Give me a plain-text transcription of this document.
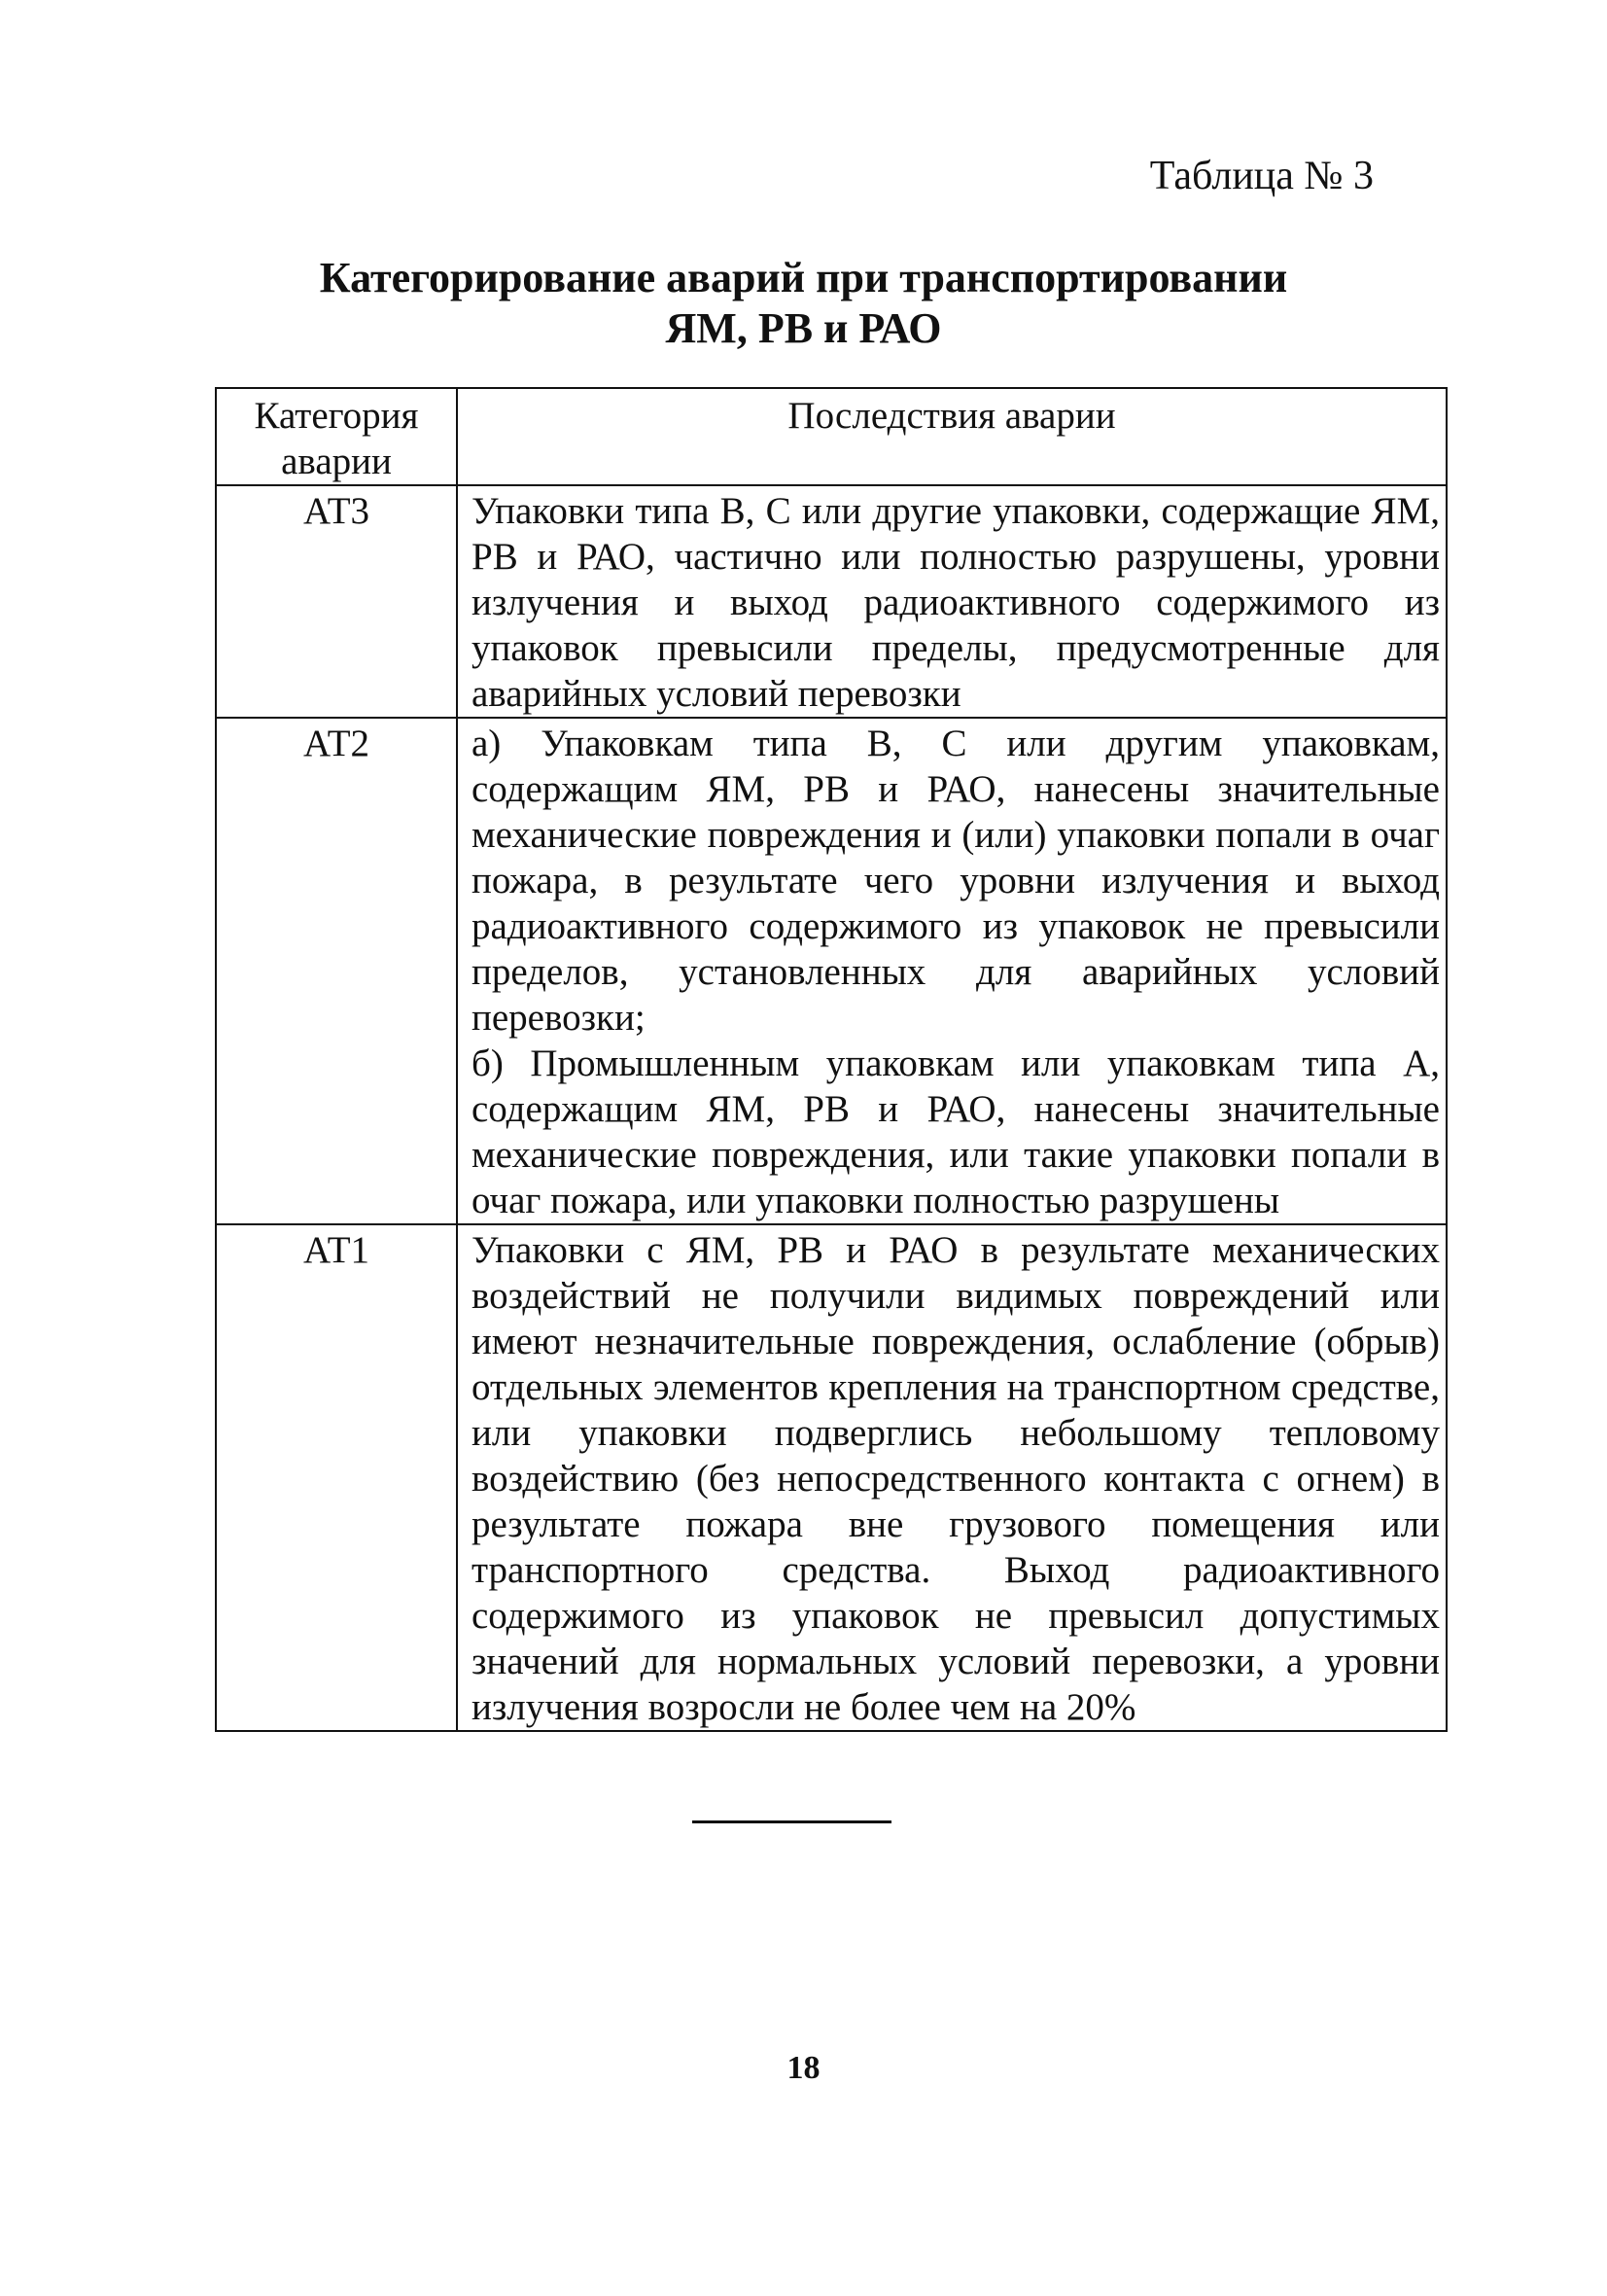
Таблица № 3
Категорирование аварий при транспортировании
ЯМ, РВ и РАО
Категория аварии	Последствия аварии
АТ3	Упаковки типа В, С или другие упаковки, содержащие ЯМ, РВ и РАО, частично или полностью разрушены, уровни излучения и выход радиоактивного содержимого из упаковок превысили пределы, предусмотренные для аварийных условий перевозки

АТ2	а) Упаковкам типа В, С или другим упаковкам, содержащим ЯМ, РВ и РАО, нанесены значительные механические повреждения и (или) упаковки попали в очаг пожара, в результате чего уровни излучения и выход радиоактивного содержимого из упаковок не превысили пределов, установленных для аварийных условий перевозки;

б) Промышленным упаковкам или упаковкам типа А, содержащим ЯМ, РВ и РАО, нанесены значительные механические повреждения, или такие упаковки попали в очаг пожара, или упаковки полностью разрушены

АТ1	Упаковки с ЯМ, РВ и РАО в результате механических воздействий не получили видимых повреждений или имеют незначительные повреждения, ослабление (обрыв) отдельных элементов крепления на транспортном средстве, или упаковки подверглись небольшому тепловому воздействию (без непосредственного контакта с огнем) в результате пожара вне грузового помещения или транспортного средства. Выход радиоактивного содержимого из упаковок не превысил допустимых значений для нормальных условий перевозки, а уровни излучения возросли не более чем на 20%

18
